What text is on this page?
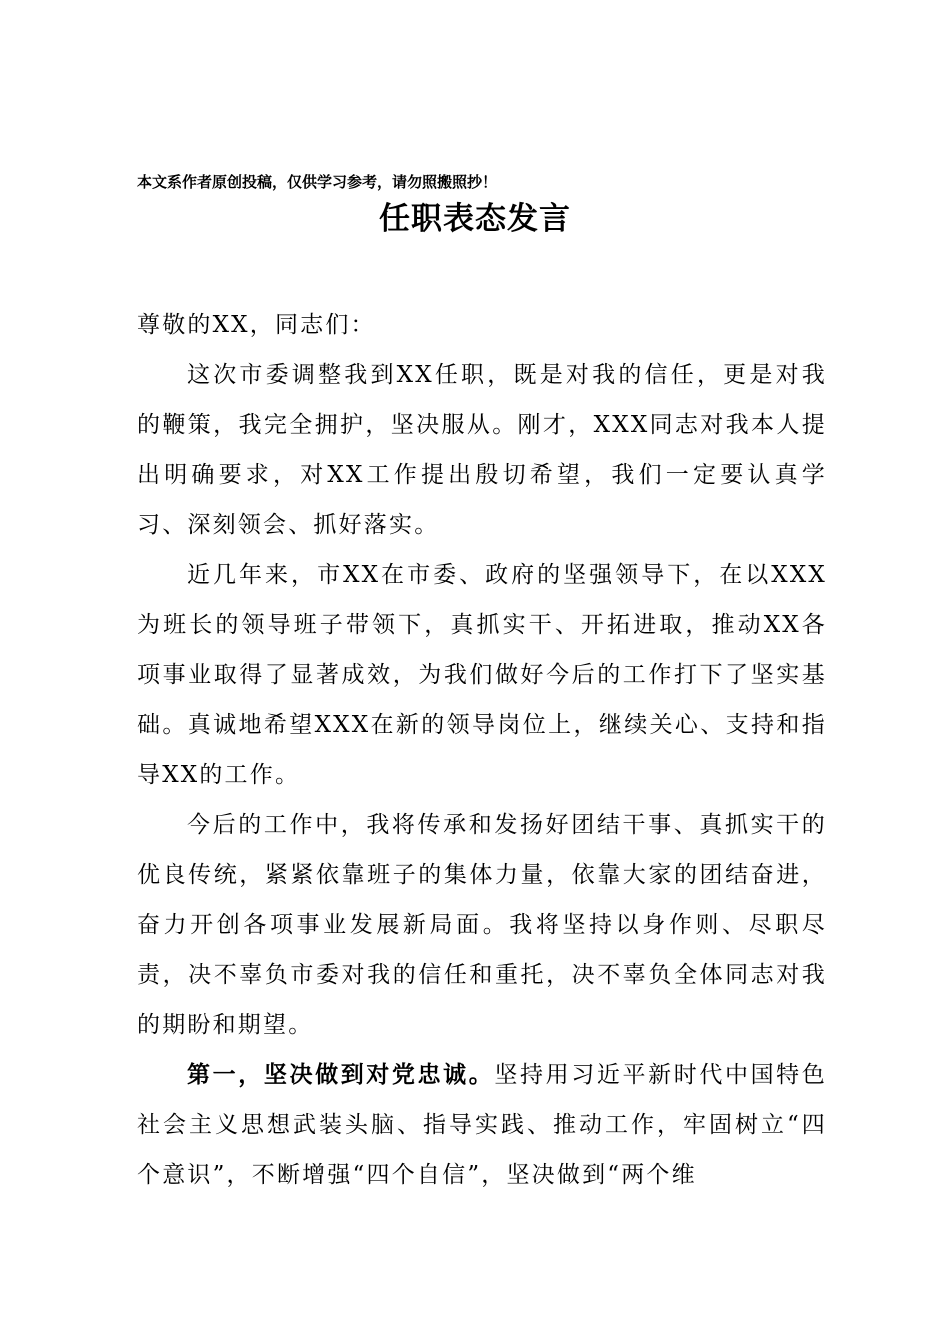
本文系作者原创投稿，仅供学习参考，请勿照搬照抄！
任职表态发言

尊敬的XX，同志们：

这次市委调整我到XX任职，既是对我的信任，更是对我的鞭策，我完全拥护，坚决服从。刚才，XXX同志对我本人提出明确要求，对XX工作提出殷切希望，我们一定要认真学习、深刻领会、抓好落实。

近几年来，市XX在市委、政府的坚强领导下，在以XXX为班长的领导班子带领下，真抓实干、开拓进取，推动XX各项事业取得了显著成效，为我们做好今后的工作打下了坚实基础。真诚地希望XXX在新的领导岗位上，继续关心、支持和指导XX的工作。

今后的工作中，我将传承和发扬好团结干事、真抓实干的优良传统，紧紧依靠班子的集体力量，依靠大家的团结奋进，奋力开创各项事业发展新局面。我将坚持以身作则、尽职尽责，决不辜负市委对我的信任和重托，决不辜负全体同志对我的期盼和期望。

第一，坚决做到对党忠诚。坚持用习近平新时代中国特色社会主义思想武装头脑、指导实践、推动工作，牢固树立“四个意识”，不断增强“四个自信”，坚决做到“两个维
